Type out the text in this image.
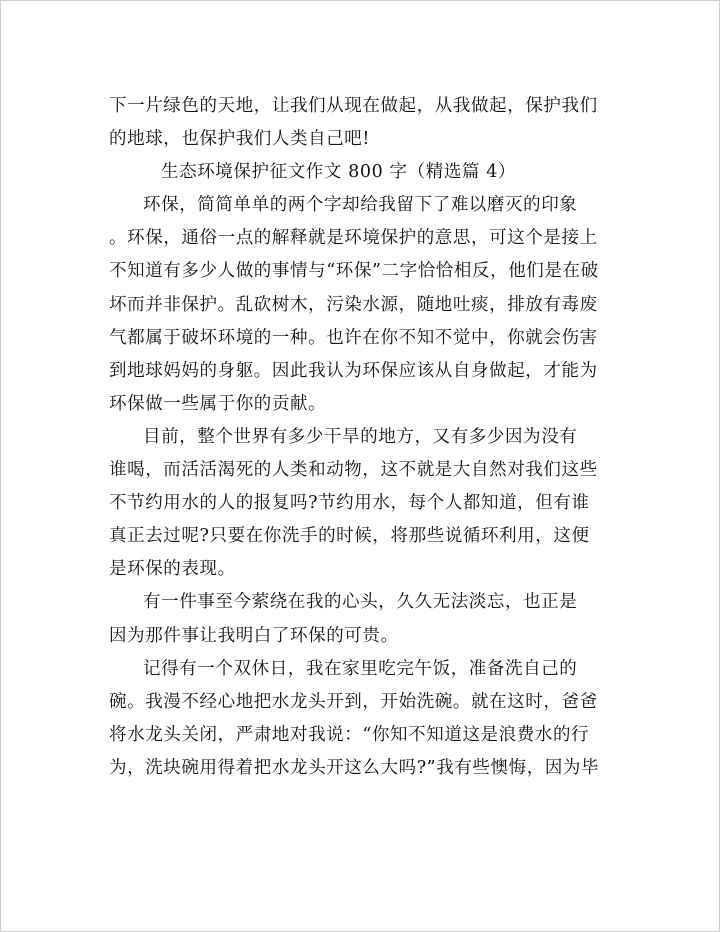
下一片绿色的天地，让我们从现在做起，从我做起，保护我们
的地球，也保护我们人类自己吧!
生态环境保护征文作文 800 字（精选篇 4）
环保，简简单单的两个字却给我留下了难以磨灭的印象
。环保，通俗一点的解释就是环境保护的意思，可这个是接上
不知道有多少人做的事情与“环保”二字恰恰相反，他们是在破
坏而并非保护。乱砍树木，污染水源，随地吐痰，排放有毒废
气都属于破坏环境的一种。也许在你不知不觉中，你就会伤害
到地球妈妈的身躯。因此我认为环保应该从自身做起，才能为
环保做一些属于你的贡献。
目前，整个世界有多少干旱的地方，又有多少因为没有
谁喝，而活活渴死的人类和动物，这不就是大自然对我们这些
不节约用水的人的报复吗?节约用水，每个人都知道，但有谁
真正去过呢?只要在你洗手的时候，将那些说循环利用，这便
是环保的表现。
有一件事至今萦绕在我的心头，久久无法淡忘，也正是
因为那件事让我明白了环保的可贵。
记得有一个双休日，我在家里吃完午饭，准备洗自己的
碗。我漫不经心地把水龙头开到，开始洗碗。就在这时，爸爸
将水龙头关闭，严肃地对我说：“你知不知道这是浪费水的行
为，洗块碗用得着把水龙头开这么大吗?”我有些懊悔，因为毕
